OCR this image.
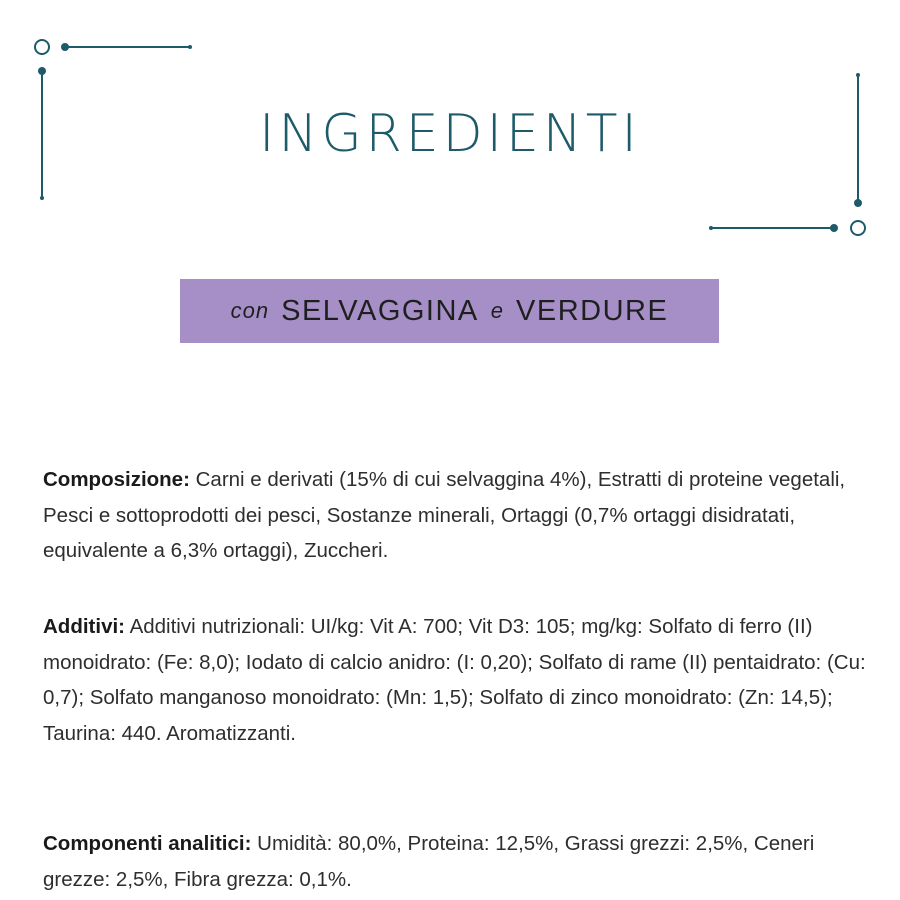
INGREDIENTI
con SELVAGGINA e VERDURE
Composizione: Carni e derivati (15% di cui selvaggina 4%), Estratti di proteine vegetali, Pesci e sottoprodotti dei pesci, Sostanze minerali, Ortaggi (0,7% ortaggi disidratati, equivalente a 6,3% ortaggi), Zuccheri.
Additivi: Additivi nutrizionali: UI/kg: Vit A: 700; Vit D3: 105; mg/kg: Solfato di ferro (II) monoidrato: (Fe: 8,0); Iodato di calcio anidro: (I: 0,20); Solfato di rame (II) pentaidrato: (Cu: 0,7); Solfato manganoso monoidrato: (Mn: 1,5); Solfato di zinco monoidrato: (Zn: 14,5); Taurina: 440. Aromatizzanti.
Componenti analitici: Umidità: 80,0%, Proteina: 12,5%, Grassi grezzi: 2,5%, Ceneri grezze: 2,5%, Fibra grezza: 0,1%.
